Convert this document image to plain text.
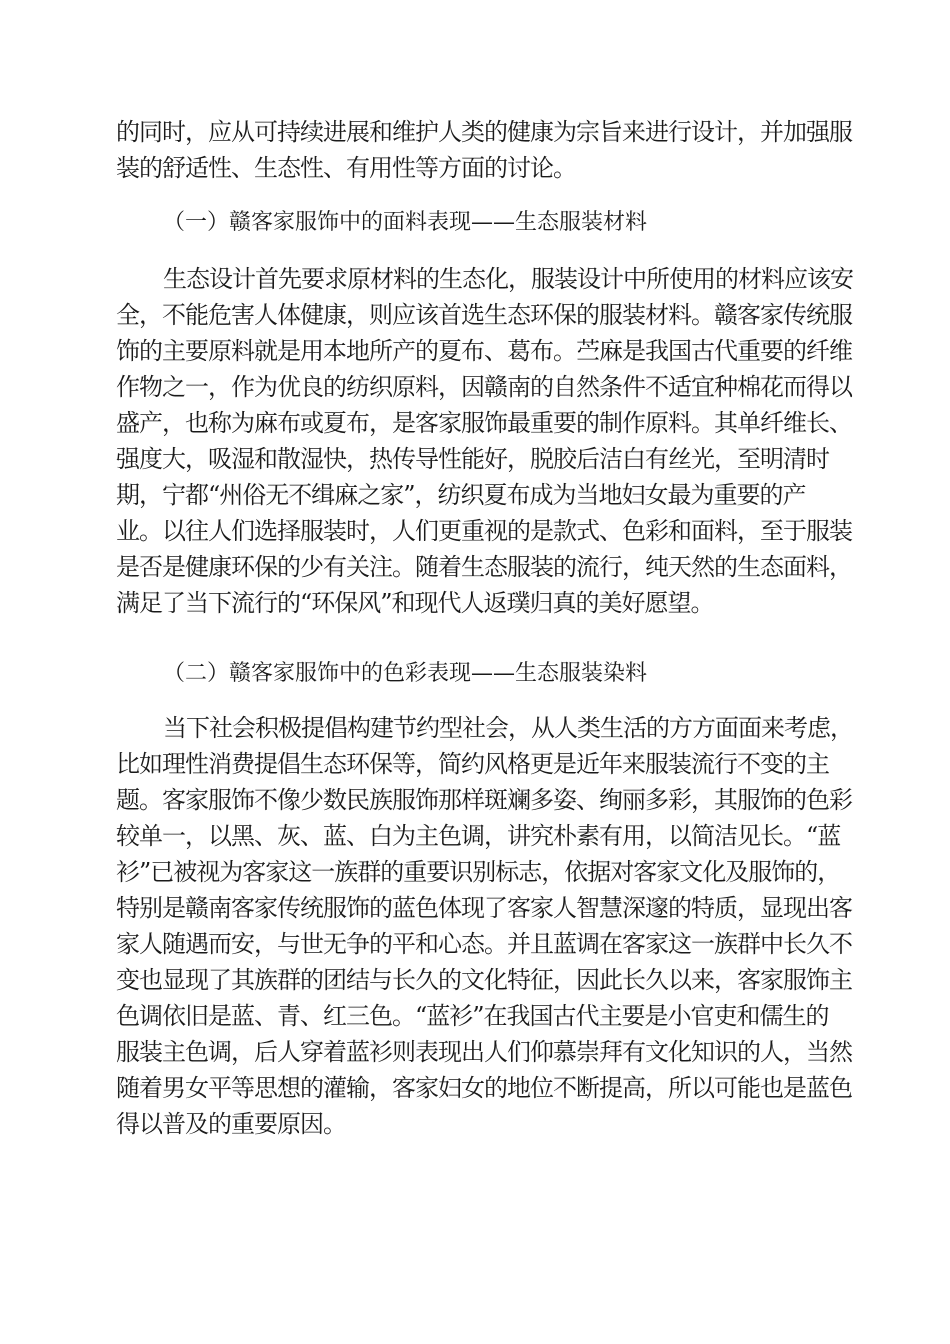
的同时，应从可持续进展和维护人类的健康为宗旨来进行设计，并加强服
装的舒适性、生态性、有用性等方面的讨论。
（一）赣客家服饰中的面料表现——生态服装材料
生态设计首先要求原材料的生态化，服装设计中所使用的材料应该安
全，不能危害人体健康，则应该首选生态环保的服装材料。赣客家传统服
饰的主要原料就是用本地所产的夏布、葛布。苎麻是我国古代重要的纤维
作物之一，作为优良的纺织原料，因赣南的自然条件不适宜种棉花而得以
盛产，也称为麻布或夏布，是客家服饰最重要的制作原料。其单纤维长、
强度大，吸湿和散湿快，热传导性能好，脱胶后洁白有丝光，至明清时
期，宁都“州俗无不缉麻之家”，纺织夏布成为当地妇女最为重要的产
业。以往人们选择服装时，人们更重视的是款式、色彩和面料，至于服装
是否是健康环保的少有关注。随着生态服装的流行，纯天然的生态面料，
满足了当下流行的“环保风”和现代人返璞归真的美好愿望。
（二）赣客家服饰中的色彩表现——生态服装染料
当下社会积极提倡构建节约型社会，从人类生活的方方面面来考虑，
比如理性消费提倡生态环保等，简约风格更是近年来服装流行不变的主
题。客家服饰不像少数民族服饰那样斑斓多姿、绚丽多彩，其服饰的色彩
较单一，以黑、灰、蓝、白为主色调，讲究朴素有用，以简洁见长。“蓝
衫”已被视为客家这一族群的重要识别标志，依据对客家文化及服饰的，
特别是赣南客家传统服饰的蓝色体现了客家人智慧深邃的特质，显现出客
家人随遇而安，与世无争的平和心态。并且蓝调在客家这一族群中长久不
变也显现了其族群的团结与长久的文化特征，因此长久以来，客家服饰主
色调依旧是蓝、青、红三色。“蓝衫”在我国古代主要是小官吏和儒生的
服装主色调，后人穿着蓝衫则表现出人们仰慕崇拜有文化知识的人，当然
随着男女平等思想的灌输，客家妇女的地位不断提高，所以可能也是蓝色
得以普及的重要原因。
